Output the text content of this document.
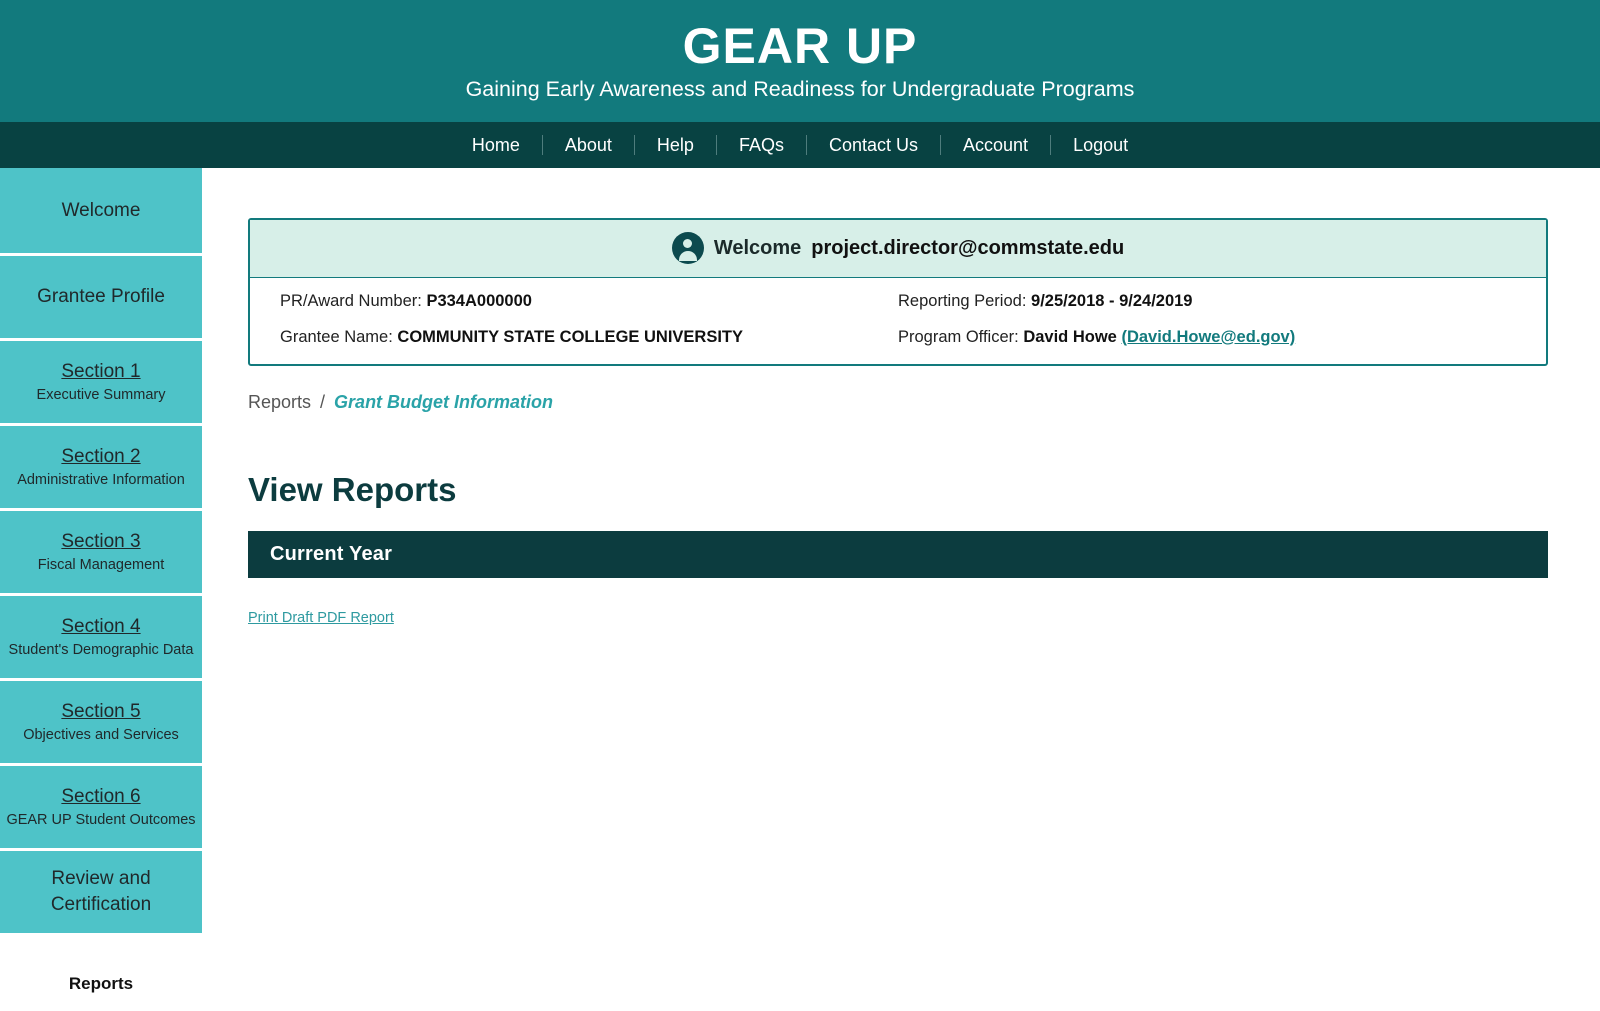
GEAR UP
Gaining Early Awareness and Readiness for Undergraduate Programs
Home	About	Help	FAQs	Contact Us	Account	Logout
Welcome
Grantee Profile
Section 1
Executive Summary
Section 2
Administrative Information
Section 3
Fiscal Management
Section 4
Student's Demographic Data
Section 5
Objectives and Services
Section 6
GEAR UP Student Outcomes
Review and Certification
Reports
Welcome project.director@commstate.edu
PR/Award Number: P334A000000	Reporting Period: 9/25/2018 - 9/24/2019
Grantee Name: COMMUNITY STATE COLLEGE UNIVERSITY	Program Officer: David Howe (David.Howe@ed.gov)
Reports / Grant Budget Information
View Reports
Current Year
Print Draft PDF Report
